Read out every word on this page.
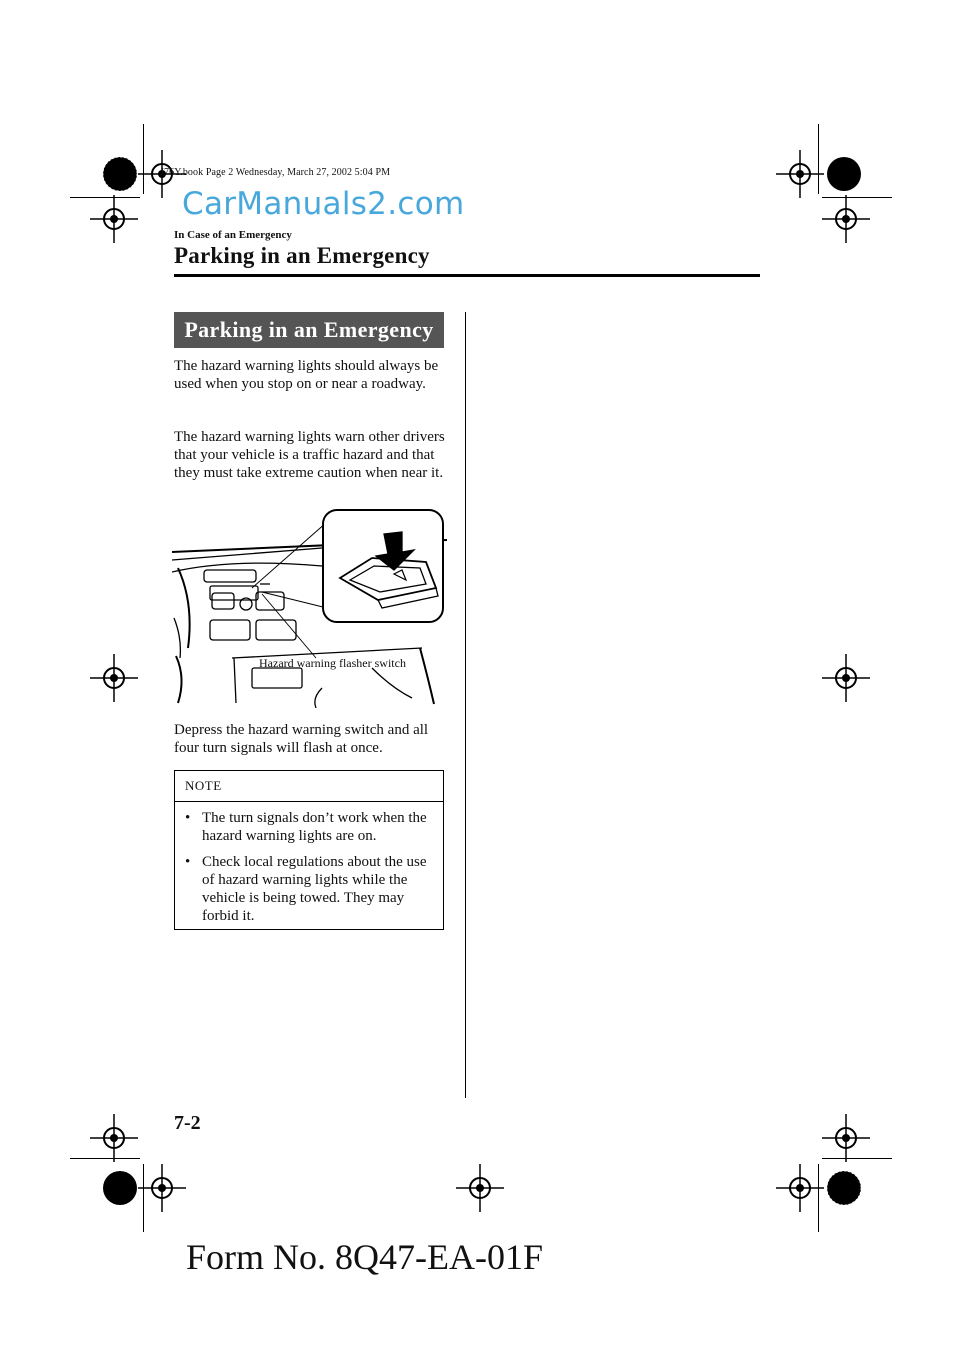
J76Y.book Page 2 Wednesday, March 27, 2002 5:04 PM
CarManuals2.com
In Case of an Emergency
Parking in an Emergency
Parking in an Emergency
The hazard warning lights should always be used when you stop on or near a roadway.
The hazard warning lights warn other drivers that your vehicle is a traffic hazard and that they must take extreme caution when near it.
Hazard warning flasher switch
Depress the hazard warning switch and all four turn signals will flash at once.
NOTE
• The turn signals don’t work when the hazard warning lights are on.
• Check local regulations about the use of hazard warning lights while the vehicle is being towed. They may forbid it.
7-2
Form No. 8Q47-EA-01F
